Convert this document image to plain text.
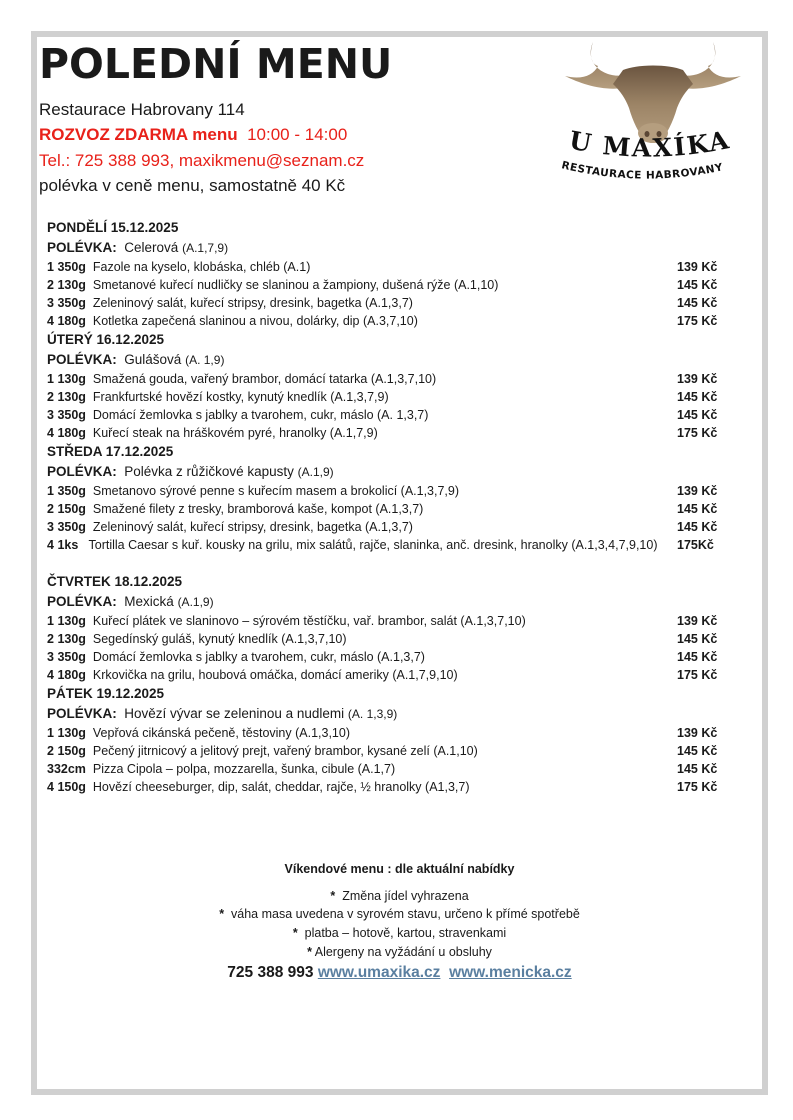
POLEDNÍ MENU
Restaurace Habrovany 114
ROZVOZ ZDARMA menu 10:00 - 14:00
Tel.: 725 388 993, maxikmenu@seznam.cz
polévka v ceně menu, samostatně 40 Kč
U MAXÍKA
RESTAURACE HABROVANY
PONDĚLÍ 15.12.2025
POLÉVKA: Celerová (A.1,7,9)
1 350g Fazole na kyselo, klobáska, chléb (A.1)	139 Kč
2 130g Smetanové kuřecí nudličky se slaninou a žampiony, dušená rýže (A.1,10)	145 Kč
3 350g Zeleninový salát, kuřecí stripsy, dresink, bagetka (A.1,3,7)	145 Kč
4 180g Kotletka zapečená slaninou a nivou, dolárky, dip (A.3,7,10)	175 Kč
ÚTERÝ 16.12.2025
POLÉVKA: Gulášová (A. 1,9)
1 130g Smažená gouda, vařený brambor, domácí tatarka (A.1,3,7,10)	139 Kč
2 130g Frankfurtské hovězí kostky, kynutý knedlík (A.1,3,7,9)	145 Kč
3 350g Domácí žemlovka s jablky a tvarohem, cukr, máslo (A. 1,3,7)	145 Kč
4 180g Kuřecí steak na hráškovém pyré, hranolky (A.1,7,9)	175 Kč
STŘEDA 17.12.2025
POLÉVKA: Polévka z růžičkové kapusty (A.1,9)
1 350g Smetanovo sýrové penne s kuřecím masem a brokolicí (A.1,3,7,9)	139 Kč
2 150g Smažené filety z tresky, bramborová kaše, kompot (A.1,3,7)	145 Kč
3 350g Zeleninový salát, kuřecí stripsy, dresink, bagetka (A.1,3,7)	145 Kč
4 1ks Tortilla Caesar s kuř. kousky na grilu, mix salátů, rajče, slaninka, anč. dresink, hranolky (A.1,3,4,7,9,10)	175Kč
ČTVRTEK 18.12.2025
POLÉVKA: Mexická (A.1,9)
1 130g Kuřecí plátek ve slaninovo – sýrovém těstíčku, vař. brambor, salát (A.1,3,7,10)	139 Kč
2 130g Segedínský guláš, kynutý knedlík (A.1,3,7,10)	145 Kč
3 350g Domácí žemlovka s jablky a tvarohem, cukr, máslo (A.1,3,7)	145 Kč
4 180g Krkovička na grilu, houbová omáčka, domácí ameriky (A.1,7,9,10)	175 Kč
PÁTEK 19.12.2025
POLÉVKA: Hovězí vývar se zeleninou a nudlemi (A. 1,3,9)
1 130g Vepřová cikánská pečeně, těstoviny (A.1,3,10)	139 Kč
2 150g Pečený jitrnicový a jelitový prejt, vařený brambor, kysané zelí (A.1,10)	145 Kč
332cm Pizza Cipola – polpa, mozzarella, šunka, cibule (A.1,7)	145 Kč
4 150g Hovězí cheeseburger, dip, salát, cheddar, rajče, ½ hranolky (A1,3,7)	175 Kč
Víkendové menu : dle aktuální nabídky
* Změna jídel vyhrazena
* váha masa uvedena v syrovém stavu, určeno k přímé spotřebě
* platba – hotově, kartou, stravenkami
* Alergeny na vyžádání u obsluhy
725 388 993 www.umaxika.cz www.menicka.cz
